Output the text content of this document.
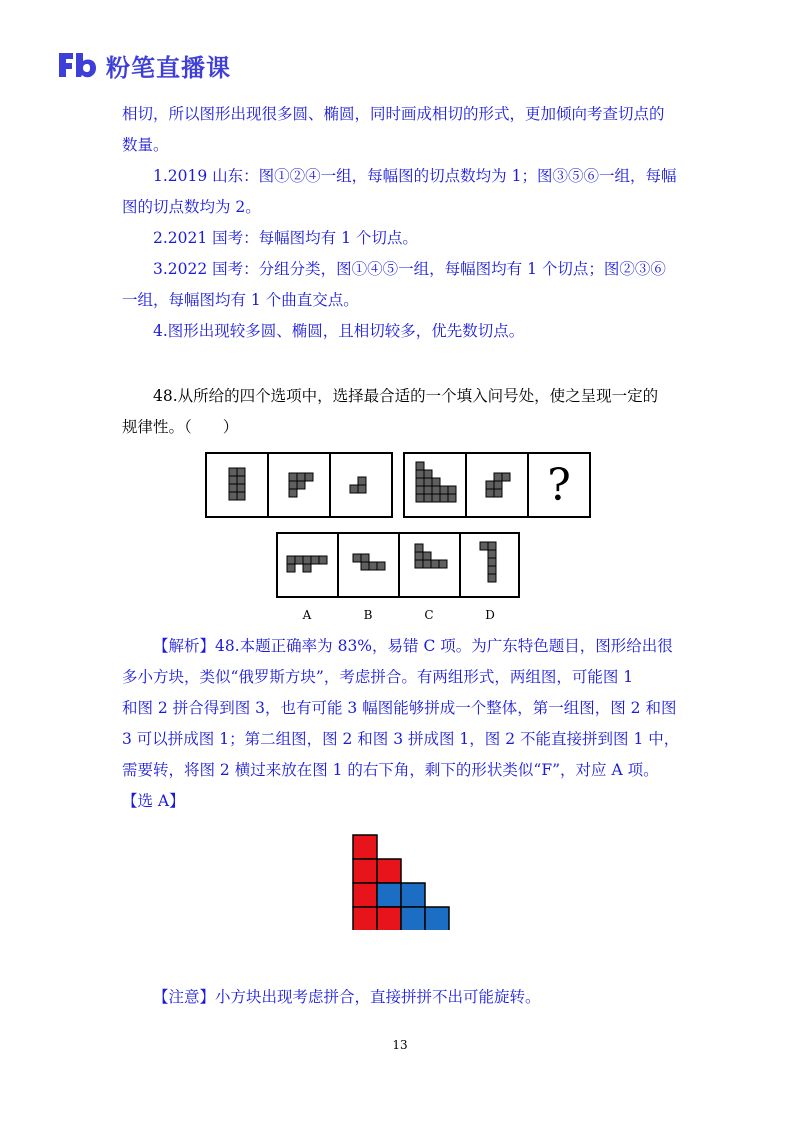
粉笔直播课
相切，所以图形出现很多圆、椭圆，同时画成相切的形式，更加倾向考查切点的
数量。
1.2019 山东：图①②④一组，每幅图的切点数均为 1；图③⑤⑥一组，每幅
图的切点数均为 2。
2.2021 国考：每幅图均有 1 个切点。
3.2022 国考：分组分类，图①④⑤一组，每幅图均有 1 个切点；图②③⑥
一组，每幅图均有 1 个曲直交点。
4.图形出现较多圆、椭圆，且相切较多，优先数切点。
48.从所给的四个选项中，选择最合适的一个填入问号处，使之呈现一定的
规律性。（　　）
?
A	B	C	D
【解析】48.本题正确率为 83%，易错 C 项。为广东特色题目，图形给出很
多小方块，类似“俄罗斯方块”，考虑拼合。有两组形式，两组图，可能图 1
和图 2 拼合得到图 3，也有可能 3 幅图能够拼成一个整体，第一组图，图 2 和图
3 可以拼成图 1；第二组图，图 2 和图 3 拼成图 1，图 2 不能直接拼到图 1 中，
需要转，将图 2 横过来放在图 1 的右下角，剩下的形状类似“F”，对应 A 项。
【选 A】
【注意】小方块出现考虑拼合，直接拼拼不出可能旋转。
13
